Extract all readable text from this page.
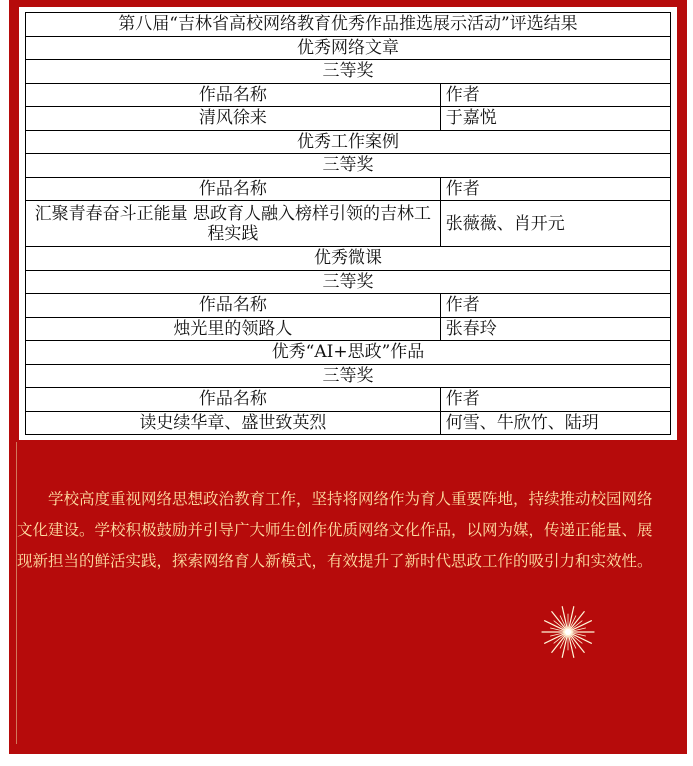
第八届“吉林省高校网络教育优秀作品推选展示活动”评选结果	
优秀网络文章	
三等奖	
作品名称	作者
清风徐来	于嘉悦
优秀工作案例	
三等奖	
作品名称	作者
汇聚青春奋斗正能量 思政育人融入榜样引领的吉林工程实践	张薇薇、肖开元
优秀微课	
三等奖	
作品名称	作者
烛光里的领路人	张春玲
优秀“AI+思政”作品	
三等奖	
作品名称	作者
读史续华章、盛世致英烈	何雪、牛欣竹、陆玥

学校高度重视网络思想政治教育工作，坚持将网络作为育人重要阵地，持续推动校园网络文化建设。学校积极鼓励并引导广大师生创作优质网络文化作品，以网为媒，传递正能量、展现新担当的鲜活实践，探索网络育人新模式，有效提升了新时代思政工作的吸引力和实效性。
